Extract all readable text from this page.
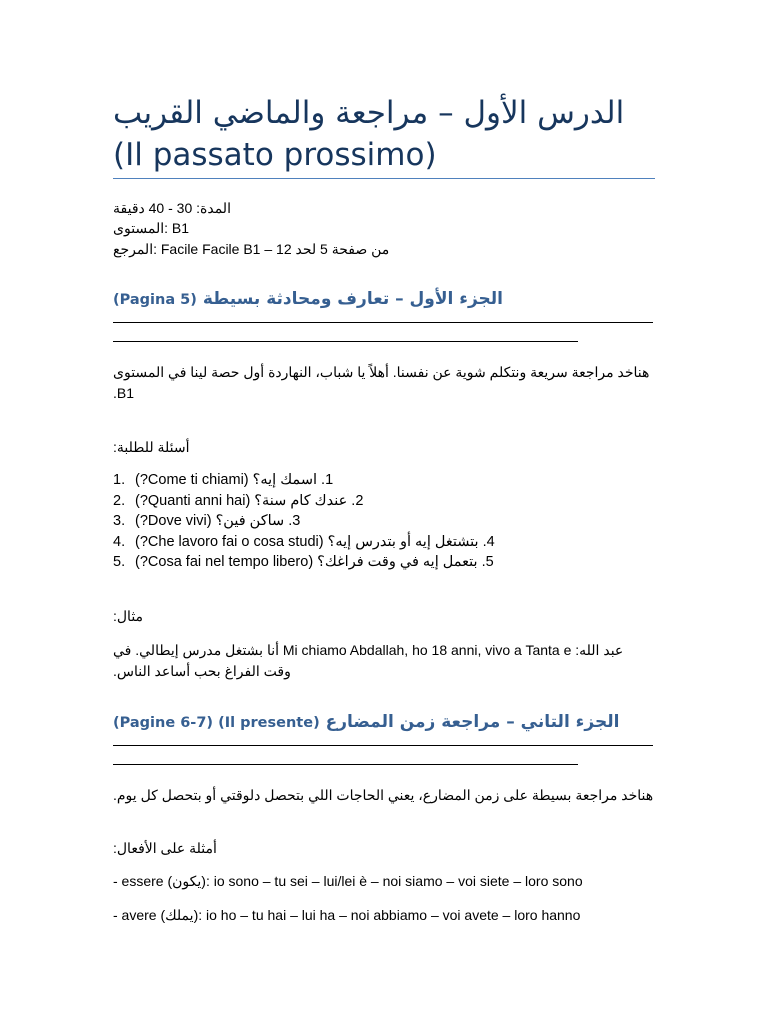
الدرس الأول – مراجعة والماضي القريب (Il passato prossimo)
المدة: 30 - 40 دقيقة
المستوى: B1
المرجع: Facile Facile B1 – من صفحة 5 لحد 12
الجزء الأول – تعارف ومحادثة بسيطة (Pagina 5)
هناخد مراجعة سريعة ونتكلم شوية عن نفسنا. أهلاً يا شباب، النهاردة أول حصة لينا في المستوى B1.
أسئلة للطلبة:
1. 1. اسمك إيه؟ (Come ti chiami?)
2. 2. عندك كام سنة؟ (Quanti anni hai?)
3. 3. ساكن فين؟ (Dove vivi?)
4. 4. بتشتغل إيه أو بتدرس إيه؟ (Che lavoro fai o cosa studi?)
5. 5. بتعمل إيه في وقت فراغك؟ (Cosa fai nel tempo libero?)
مثال:
عبد الله: Mi chiamo Abdallah, ho 18 anni, vivo a Tanta e أنا بشتغل مدرس إيطالي. في
وقت الفراغ بحب أساعد الناس.
الجزء التاني – مراجعة زمن المضارع (Il presente) (Pagine 6-7)
هناخد مراجعة بسيطة على زمن المضارع، يعني الحاجات اللي بتحصل دلوقتي أو بتحصل كل يوم.
أمثلة على الأفعال:
- essere (يكون): io sono – tu sei – lui/lei è – noi siamo – voi siete – loro sono
- avere (يملك): io ho – tu hai – lui ha – noi abbiamo – voi avete – loro hanno
